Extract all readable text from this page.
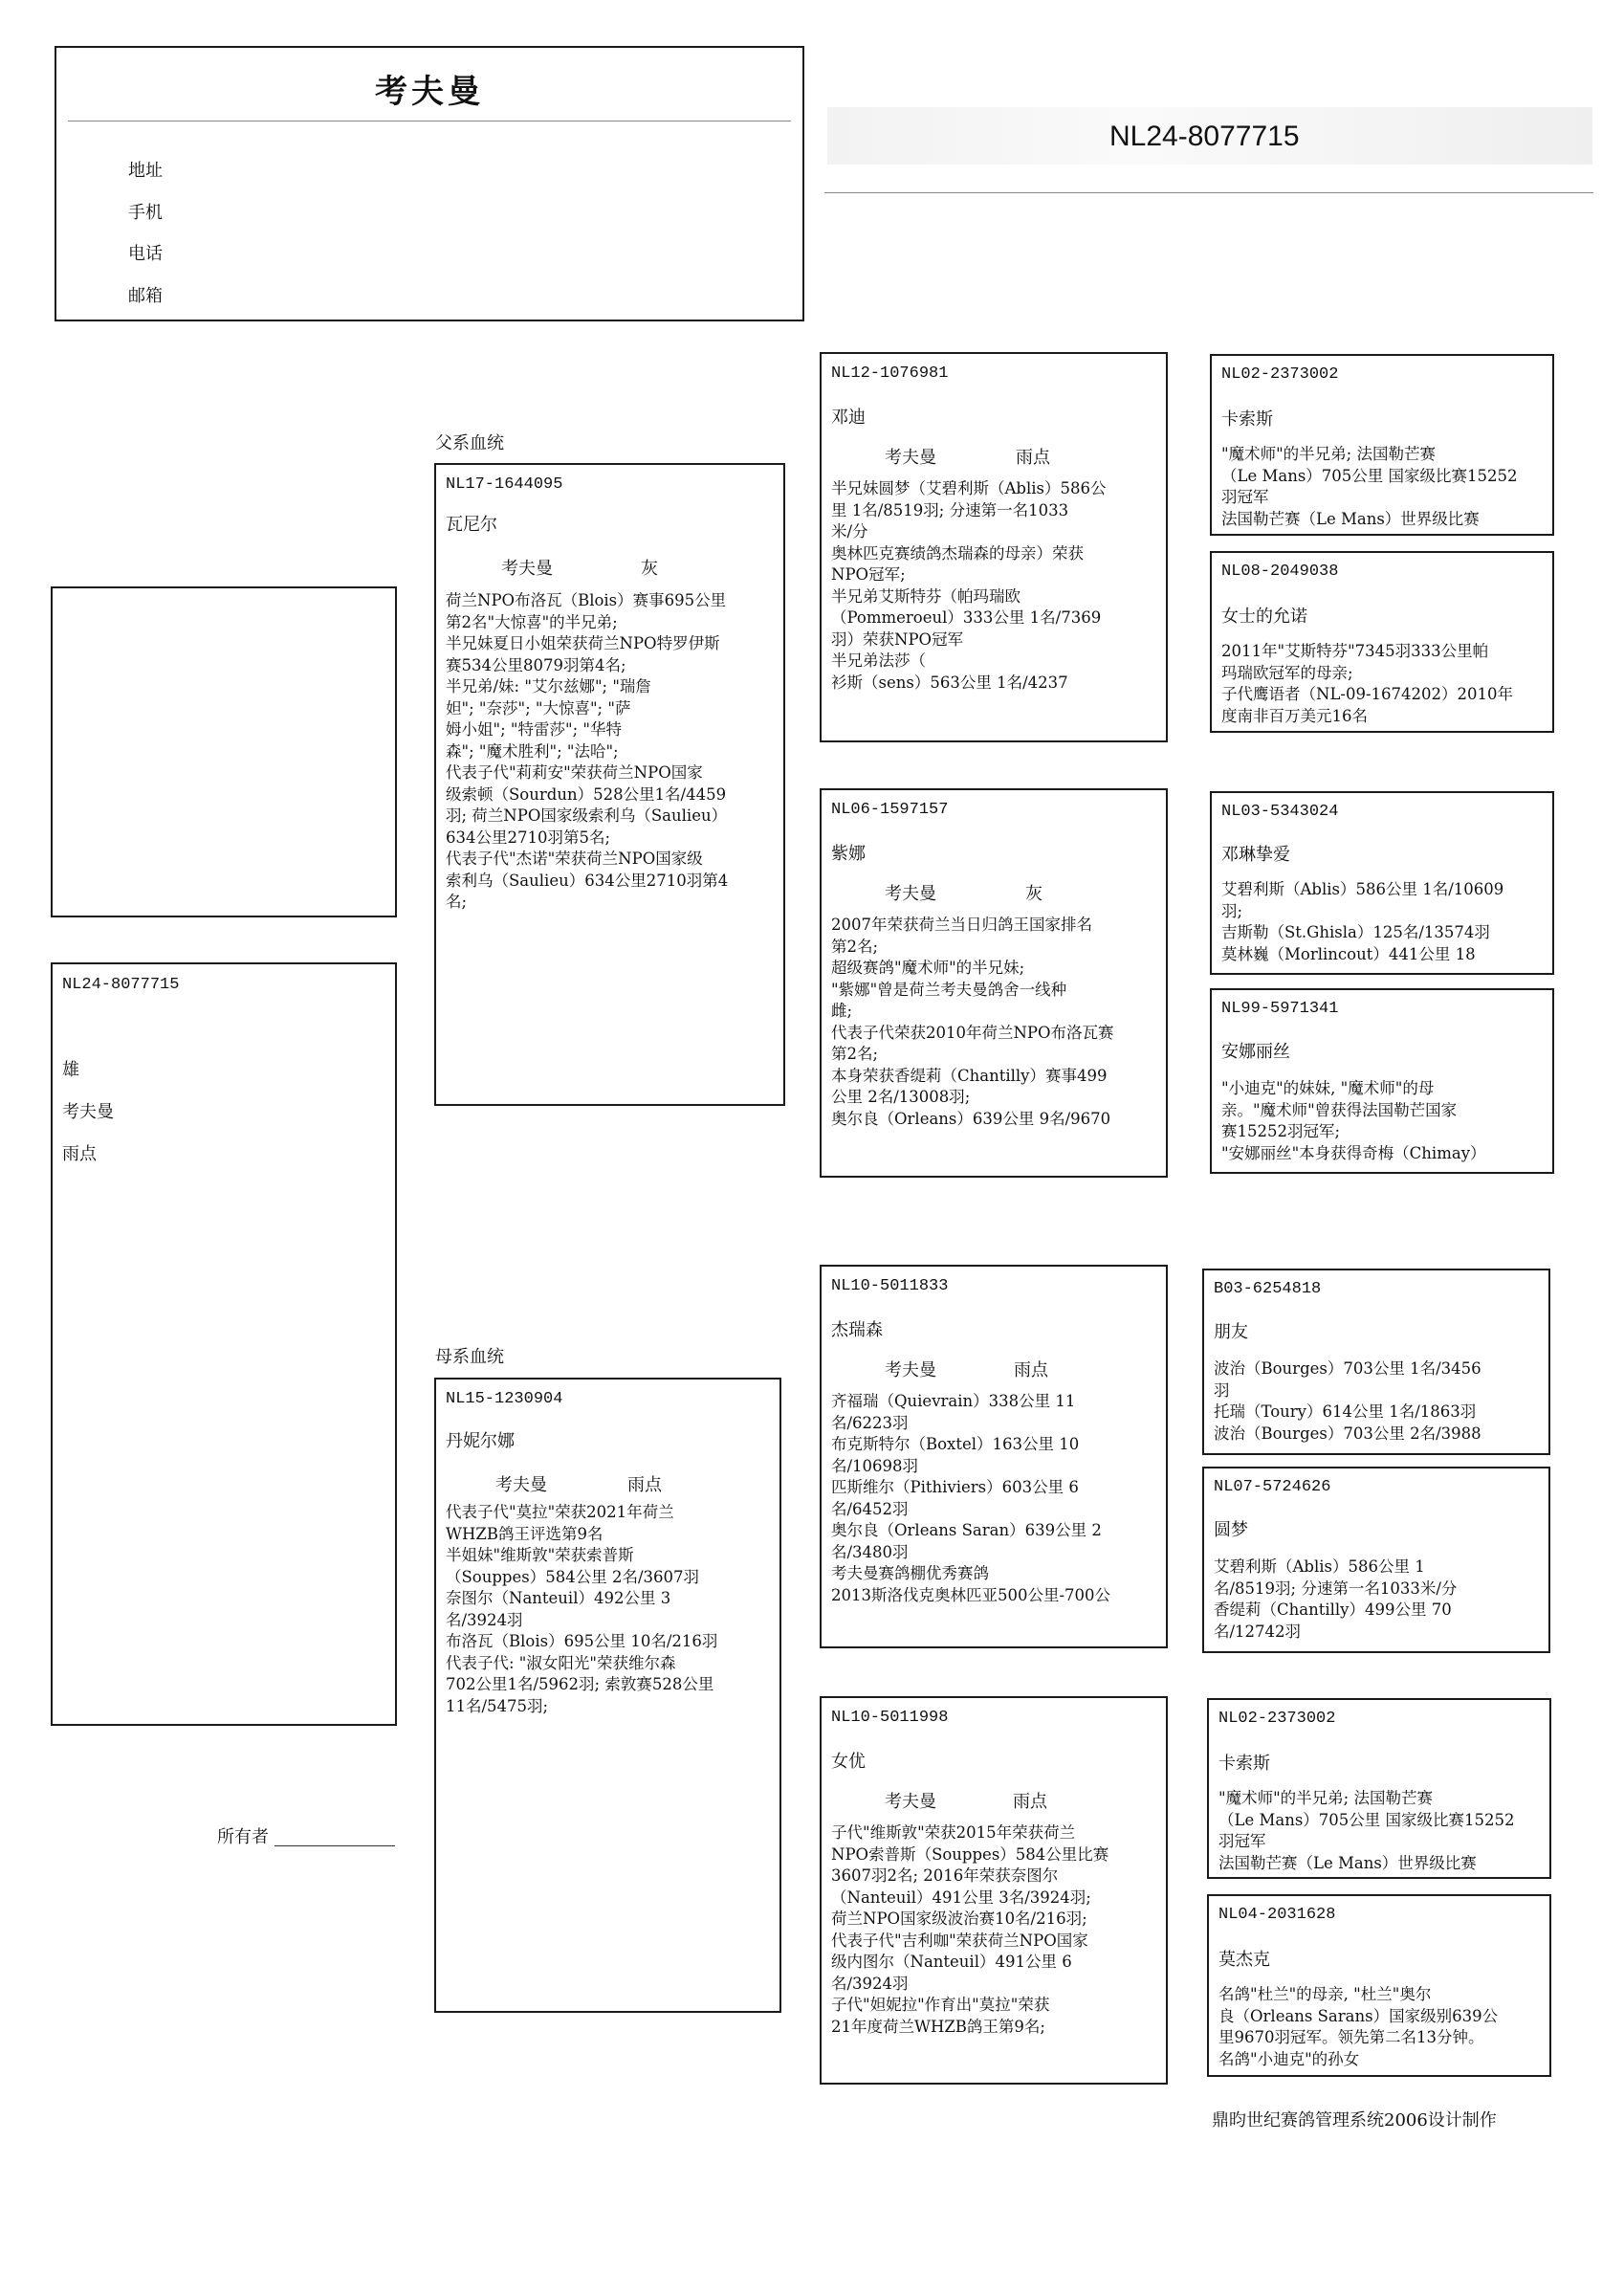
考夫曼
地址
手机
电话
邮箱
NL24-8077715
NL24-8077715
雄
考夫曼
雨点
所有者
父系血统
母系血统
NL17-1644095
瓦尼尔
考夫曼	灰
荷兰NPO布洛瓦（Blois）赛事695公里
第2名"大惊喜"的半兄弟;
半兄妹夏日小姐荣获荷兰NPO特罗伊斯
赛534公里8079羽第4名;
半兄弟/妹: "艾尔兹娜"; "瑞詹
妲"; "奈莎"; "大惊喜"; "萨
姆小姐"; "特雷莎"; "华特
森"; "魔术胜利"; "法哈";
代表子代"莉莉安"荣获荷兰NPO国家
级索顿（Sourdun）528公里1名/4459
羽; 荷兰NPO国家级索利乌（Saulieu）
634公里2710羽第5名;
代表子代"杰诺"荣获荷兰NPO国家级
索利乌（Saulieu）634公里2710羽第4
名;
NL15-1230904
丹妮尔娜
考夫曼	雨点
代表子代"莫拉"荣获2021年荷兰
WHZB鸽王评选第9名
半姐妹"维斯敦"荣获索普斯
（Souppes）584公里 2名/3607羽
奈图尔（Nanteuil）492公里 3
名/3924羽
布洛瓦（Blois）695公里 10名/216羽
代表子代: "淑女阳光"荣获维尔森
702公里1名/5962羽; 索敦赛528公里
11名/5475羽;
NL12-1076981
邓迪
考夫曼	雨点
半兄妹圆梦（艾碧利斯（Ablis）586公
里 1名/8519羽; 分速第一名1033
米/分
奥林匹克赛绩鸽杰瑞森的母亲）荣获
NPO冠军;
半兄弟艾斯特芬（帕玛瑞欧
（Pommeroeul）333公里 1名/7369
羽）荣获NPO冠军
半兄弟法莎（
衫斯（sens）563公里 1名/4237
NL06-1597157
紫娜
考夫曼	灰
2007年荣获荷兰当日归鸽王国家排名
第2名;
超级赛鸽"魔术师"的半兄妹;
"紫娜"曾是荷兰考夫曼鸽舍一线种
雌;
代表子代荣获2010年荷兰NPO布洛瓦赛
第2名;
本身荣获香缇莉（Chantilly）赛事499
公里 2名/13008羽;
奥尔良（Orleans）639公里 9名/9670
NL10-5011833
杰瑞森
考夫曼	雨点
齐福瑞（Quievrain）338公里 11
名/6223羽
布克斯特尔（Boxtel）163公里 10
名/10698羽
匹斯维尔（Pithiviers）603公里 6
名/6452羽
奥尔良（Orleans Saran）639公里 2
名/3480羽
考夫曼赛鸽棚优秀赛鸽
2013斯洛伐克奥林匹亚500公里-700公
NL10-5011998
女优
考夫曼	雨点
子代"维斯敦"荣获2015年荣获荷兰
NPO索普斯（Souppes）584公里比赛
3607羽2名; 2016年荣获奈图尔
（Nanteuil）491公里 3名/3924羽;
荷兰NPO国家级波治赛10名/216羽;
代表子代"吉利咖"荣获荷兰NPO国家
级内图尔（Nanteuil）491公里 6
名/3924羽
子代"妲妮拉"作育出"莫拉"荣获
21年度荷兰WHZB鸽王第9名;
NL02-2373002
卡索斯
"魔术师"的半兄弟; 法国勒芒赛
（Le Mans）705公里 国家级比赛15252
羽冠军
法国勒芒赛（Le Mans）世界级比赛
NL08-2049038
女士的允诺
2011年"艾斯特芬"7345羽333公里帕
玛瑞欧冠军的母亲;
子代鹰语者（NL-09-1674202）2010年
度南非百万美元16名
NL03-5343024
邓琳挚爱
艾碧利斯（Ablis）586公里 1名/10609
羽;
吉斯勒（St.Ghisla）125名/13574羽
莫林巍（Morlincout）441公里 18
NL99-5971341
安娜丽丝
"小迪克"的妹妹, "魔术师"的母
亲。"魔术师"曾获得法国勒芒国家
赛15252羽冠军;
"安娜丽丝"本身获得奇梅（Chimay）
B03-6254818
朋友
波治（Bourges）703公里 1名/3456
羽
托瑞（Toury）614公里 1名/1863羽
波治（Bourges）703公里 2名/3988
NL07-5724626
圆梦
艾碧利斯（Ablis）586公里 1
名/8519羽; 分速第一名1033米/分
香缇莉（Chantilly）499公里 70
名/12742羽
NL02-2373002
卡索斯
"魔术师"的半兄弟; 法国勒芒赛
（Le Mans）705公里 国家级比赛15252
羽冠军
法国勒芒赛（Le Mans）世界级比赛
NL04-2031628
莫杰克
名鸽"杜兰"的母亲, "杜兰"奥尔
良（Orleans Sarans）国家级别639公
里9670羽冠军。领先第二名13分钟。
名鸽"小迪克"的孙女
鼎昀世纪赛鸽管理系统2006设计制作
